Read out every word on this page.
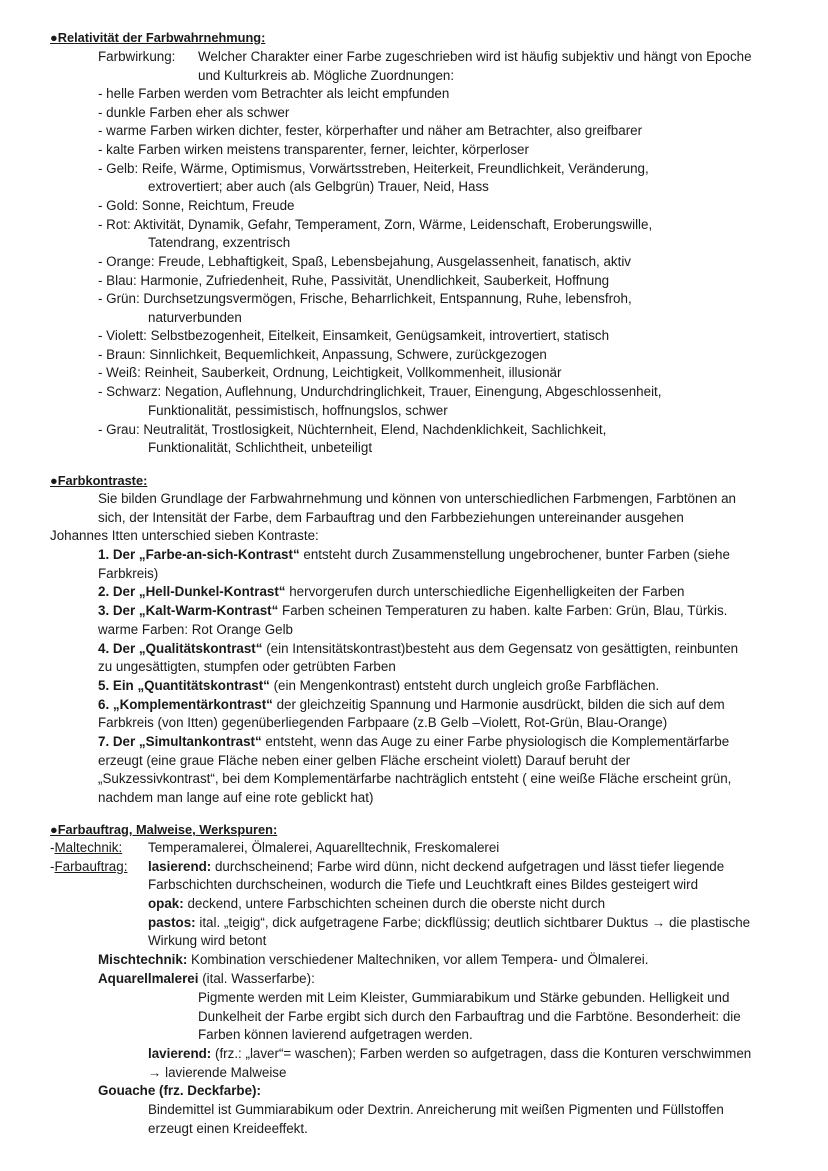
●Relativität der Farbwahrnehmung:
Farbwirkung: Welcher Charakter einer Farbe zugeschrieben wird ist häufig subjektiv und hängt von Epoche
und Kulturkreis ab. Mögliche Zuordnungen:
- helle Farben werden vom Betrachter als leicht empfunden
- dunkle Farben eher als schwer
- warme Farben wirken dichter, fester, körperhafter und näher am Betrachter, also greifbarer
- kalte Farben wirken meistens transparenter, ferner, leichter, körperloser
- Gelb: Reife, Wärme, Optimismus, Vorwärtsstreben, Heiterkeit, Freundlichkeit, Veränderung,
extrovertiert; aber auch (als Gelbgrün) Trauer, Neid, Hass
- Gold: Sonne, Reichtum, Freude
- Rot: Aktivität, Dynamik, Gefahr, Temperament, Zorn, Wärme, Leidenschaft, Eroberungswille,
Tatendrang, exzentrisch
- Orange: Freude, Lebhaftigkeit, Spaß, Lebensbejahung, Ausgelassenheit, fanatisch, aktiv
- Blau: Harmonie, Zufriedenheit, Ruhe, Passivität, Unendlichkeit, Sauberkeit, Hoffnung
- Grün: Durchsetzungsvermögen, Frische, Beharrlichkeit, Entspannung, Ruhe, lebensfroh,
naturverbunden
- Violett: Selbstbezogenheit, Eitelkeit, Einsamkeit, Genügsamkeit, introvertiert, statisch
- Braun: Sinnlichkeit, Bequemlichkeit, Anpassung, Schwere, zurückgezogen
- Weiß: Reinheit, Sauberkeit, Ordnung, Leichtigkeit, Vollkommenheit, illusionär
- Schwarz: Negation, Auflehnung, Undurchdringlichkeit, Trauer, Einengung, Abgeschlossenheit,
Funktionalität, pessimistisch, hoffnungslos, schwer
- Grau: Neutralität, Trostlosigkeit, Nüchternheit, Elend, Nachdenklichkeit, Sachlichkeit,
Funktionalität, Schlichtheit, unbeteiligt
●Farbkontraste:
Sie bilden Grundlage der Farbwahrnehmung und können von unterschiedlichen Farbmengen, Farbtönen an
sich, der Intensität der Farbe, dem Farbauftrag und den Farbbeziehungen untereinander ausgehen
Johannes Itten unterschied sieben Kontraste:
1. Der „Farbe-an-sich-Kontrast“ entsteht durch Zusammenstellung ungebrochener, bunter Farben (siehe
Farbkreis)
2. Der „Hell-Dunkel-Kontrast“ hervorgerufen durch unterschiedliche Eigenhelligkeiten der Farben
3. Der „Kalt-Warm-Kontrast“ Farben scheinen Temperaturen zu haben. kalte Farben: Grün, Blau, Türkis.
warme Farben: Rot Orange Gelb
4. Der „Qualitätskontrast“ (ein Intensitätskontrast)besteht aus dem Gegensatz von gesättigten, reinbunten
zu ungesättigten, stumpfen oder getrübten Farben
5. Ein „Quantitätskontrast“ (ein Mengenkontrast) entsteht durch ungleich große Farbflächen.
6. „Komplementärkontrast“ der gleichzeitig Spannung und Harmonie ausdrückt, bilden die sich auf dem
Farbkreis (von Itten) gegenüberliegenden Farbpaare (z.B Gelb –Violett, Rot-Grün, Blau-Orange)
7. Der „Simultankontrast“ entsteht, wenn das Auge zu einer Farbe physiologisch die Komplementärfarbe
erzeugt (eine graue Fläche neben einer gelben Fläche erscheint violett) Darauf beruht der
„Sukzessivkontrast“, bei dem Komplementärfarbe nachträglich entsteht ( eine weiße Fläche erscheint grün,
nachdem man lange auf eine rote geblickt hat)
●Farbauftrag, Malweise, Werkspuren:
-Maltechnik: Temperamalerei, Ölmalerei, Aquarelltechnik, Freskomalerei
-Farbauftrag: lasierend: durchscheinend; Farbe wird dünn, nicht deckend aufgetragen und lässt tiefer liegende
Farbschichten durchscheinen, wodurch die Tiefe und Leuchtkraft eines Bildes gesteigert wird
opak: deckend, untere Farbschichten scheinen durch die oberste nicht durch
pastos: ital. „teigig“, dick aufgetragene Farbe; dickflüssig; deutlich sichtbarer Duktus → die plastische
Wirkung wird betont
Mischtechnik: Kombination verschiedener Maltechniken, vor allem Tempera- und Ölmalerei.
Aquarellmalerei (ital. Wasserfarbe):
Pigmente werden mit Leim Kleister, Gummiarabikum und Stärke gebunden. Helligkeit und
Dunkelheit der Farbe ergibt sich durch den Farbauftrag und die Farbtöne. Besonderheit: die
Farben können lavierend aufgetragen werden.
lavierend: (frz.: „laver“= waschen); Farben werden so aufgetragen, dass die Konturen verschwimmen
→ lavierende Malweise
Gouache (frz. Deckfarbe):
Bindemittel ist Gummiarabikum oder Dextrin. Anreicherung mit weißen Pigmenten und Füllstoffen
erzeugt einen Kreideeffekt.
